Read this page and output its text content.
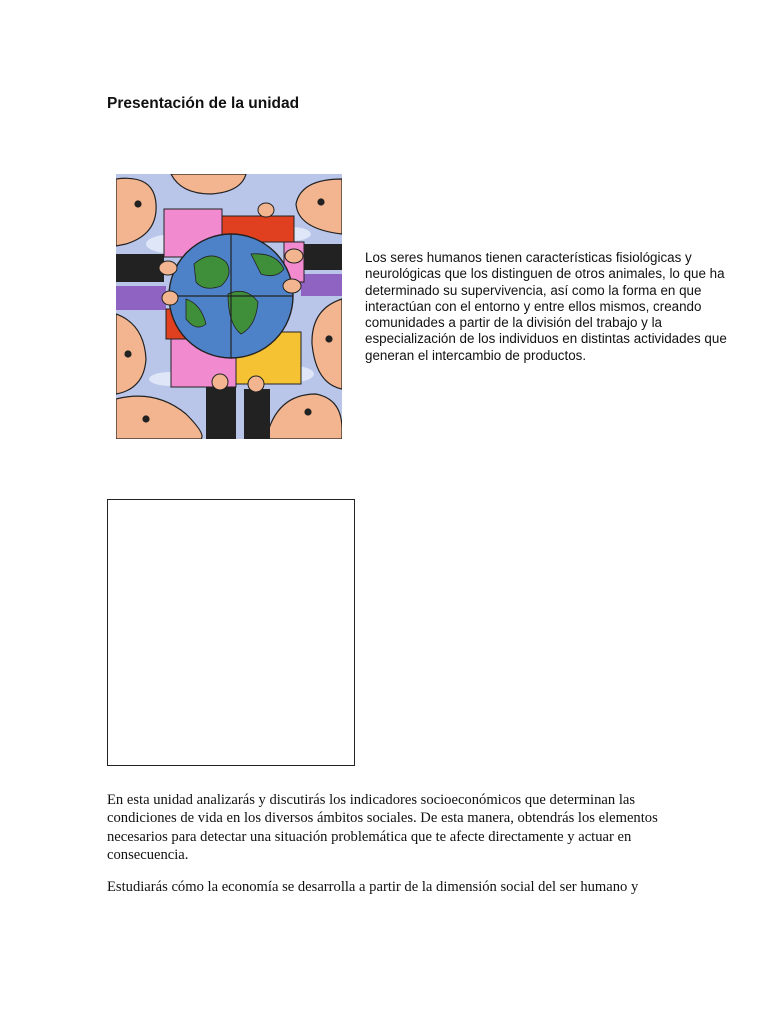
Presentación de la unidad

Los seres humanos tienen características fisiológicas y neurológicas que los distinguen de otros animales, lo que ha determinado su supervivencia, así como la forma en que interactúan con el entorno y entre ellos mismos, creando comunidades a partir de la división del trabajo y la especialización de los individuos en distintas actividades que generan el intercambio de productos.

En esta unidad analizarás y discutirás los indicadores socioeconómicos que determinan las condiciones de vida en los diversos ámbitos sociales. De esta manera, obtendrás los elementos necesarios para detectar una situación problemática que te afecte directamente y actuar en consecuencia.

Estudiarás cómo la economía se desarrolla a partir de la dimensión social del ser humano y
